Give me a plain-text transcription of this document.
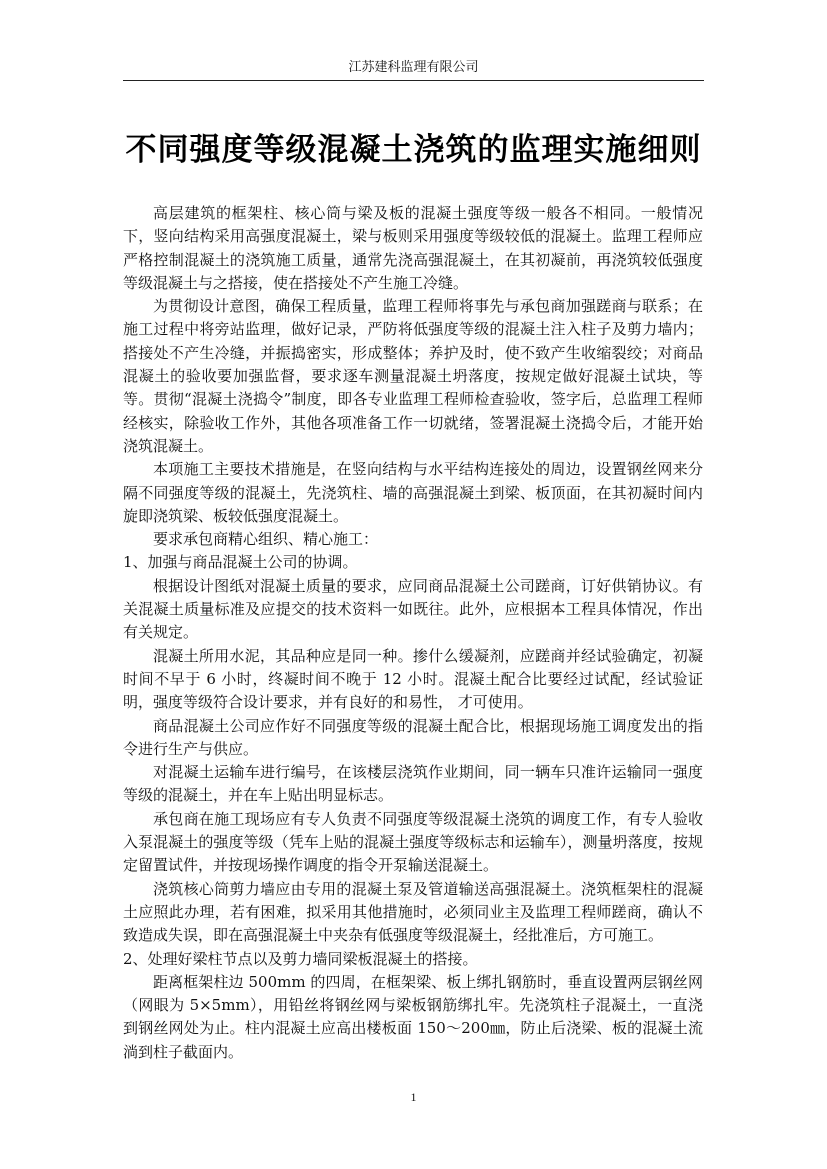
江苏建科监理有限公司
不同强度等级混凝土浇筑的监理实施细则

高层建筑的框架柱、核心筒与梁及板的混凝土强度等级一般各不相同。一般情况下，竖向结构采用高强度混凝土，梁与板则采用强度等级较低的混凝土。监理工程师应严格控制混凝土的浇筑施工质量，通常先浇高强混凝土，在其初凝前，再浇筑较低强度等级混凝土与之搭接，使在搭接处不产生施工冷缝。

为贯彻设计意图，确保工程质量，监理工程师将事先与承包商加强蹉商与联系；在施工过程中将旁站监理，做好记录，严防将低强度等级的混凝土注入柱子及剪力墙内；搭接处不产生冷缝，并振捣密实，形成整体；养护及时，使不致产生收缩裂绞；对商品混凝土的验收要加强监督，要求逐车测量混凝土坍落度，按规定做好混凝土试块，等等。贯彻“混凝土浇捣令”制度，即各专业监理工程师检查验收，签字后，总监理工程师经核实，除验收工作外，其他各项准备工作一切就绪，签署混凝土浇捣令后，才能开始浇筑混凝土。

本项施工主要技术措施是，在竖向结构与水平结构连接处的周边，设置钢丝网来分隔不同强度等级的混凝土，先浇筑柱、墙的高强混凝土到梁、板顶面，在其初凝时间内旋即浇筑梁、板较低强度混凝土。

要求承包商精心组织、精心施工：

1、加强与商品混凝土公司的协调。

根据设计图纸对混凝土质量的要求，应同商品混凝土公司蹉商，订好供销协议。有关混凝土质量标准及应提交的技术资料一如既往。此外，应根据本工程具体情况，作出有关规定。

混凝土所用水泥，其品种应是同一种。掺什么缓凝剂，应蹉商并经试验确定，初凝时间不早于 6 小时，终凝时间不晚于 12 小时。混凝土配合比要经过试配，经试验证明，强度等级符合设计要求，并有良好的和易性， 才可使用。

商品混凝土公司应作好不同强度等级的混凝土配合比，根据现场施工调度发出的指令进行生产与供应。

对混凝土运输车进行编号，在该楼层浇筑作业期间，同一辆车只准许运输同一强度等级的混凝土，并在车上贴出明显标志。

承包商在施工现场应有专人负责不同强度等级混凝土浇筑的调度工作，有专人验收入泵混凝土的强度等级（凭车上贴的混凝土强度等级标志和运输车），测量坍落度，按规定留置试件，并按现场操作调度的指令开泵输送混凝土。

浇筑核心筒剪力墙应由专用的混凝土泵及管道输送高强混凝土。浇筑框架柱的混凝土应照此办理，若有困难，拟采用其他措施时，必须同业主及监理工程师蹉商，确认不致造成失误，即在高强混凝土中夹杂有低强度等级混凝土，经批准后，方可施工。

2、处理好梁柱节点以及剪力墙同梁板混凝土的搭接。

距离框架柱边 500mm 的四周，在框架梁、板上绑扎钢筋时，垂直设置两层钢丝网（网眼为 5×5mm），用铅丝将钢丝网与梁板钢筋绑扎牢。先浇筑柱子混凝土，一直浇到钢丝网处为止。柱内混凝土应高出楼板面 150～200㎜，防止后浇梁、板的混凝土流淌到柱子截面内。

1
